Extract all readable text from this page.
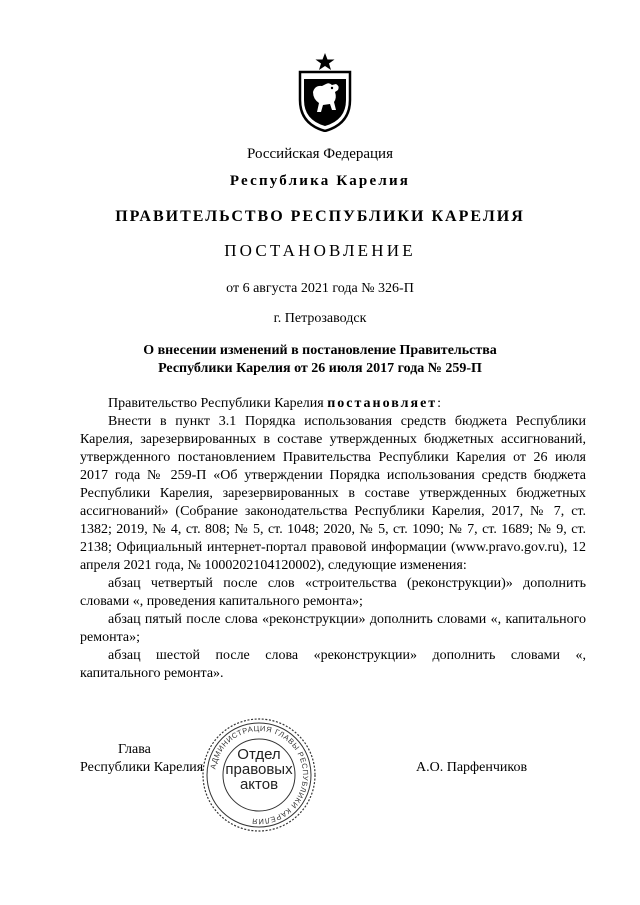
Российская Федерация
Республика Карелия
ПРАВИТЕЛЬСТВО РЕСПУБЛИКИ КАРЕЛИЯ
ПОСТАНОВЛЕНИЕ
от 6 августа 2021 года № 326-П
г. Петрозаводск
О внесении изменений в постановление Правительства
Республики Карелия от 26 июля 2017 года № 259-П

Правительство Республики Карелия постановляет:

Внести в пункт 3.1 Порядка использования средств бюджета Республики Карелия, зарезервированных в составе утвержденных бюджетных ассигнований, утвержденного постановлением Правительства Республики Карелия от 26 июля 2017 года № 259-П «Об утверждении Порядка использования средств бюджета Республики Карелия, зарезервированных в составе утвержденных бюджетных ассигнований» (Собрание законодательства Республики Карелия, 2017, № 7, ст. 1382; 2019, № 4, ст. 808; № 5, ст. 1048; 2020, № 5, ст. 1090; № 7, ст. 1689; № 9, ст. 2138; Официальный интернет-портал правовой информации (www.pravo.gov.ru), 12 апреля 2021 года, № 1000202104120002), следующие изменения:

абзац четвертый после слов «строительства (реконструкции)» дополнить словами «, проведения капитального ремонта»;

абзац пятый после слова «реконструкции» дополнить словами «, капитального ремонта»;

абзац шестой после слова «реконструкции» дополнить словами «, капитального ремонта».

Глава
Республики Карелия	А.О. Парфенчиков
АДМИНИСТРАЦИЯ ГЛАВЫ РЕСПУБЛИКИ КАРЕЛИЯ
Отдел
правовых
актов
